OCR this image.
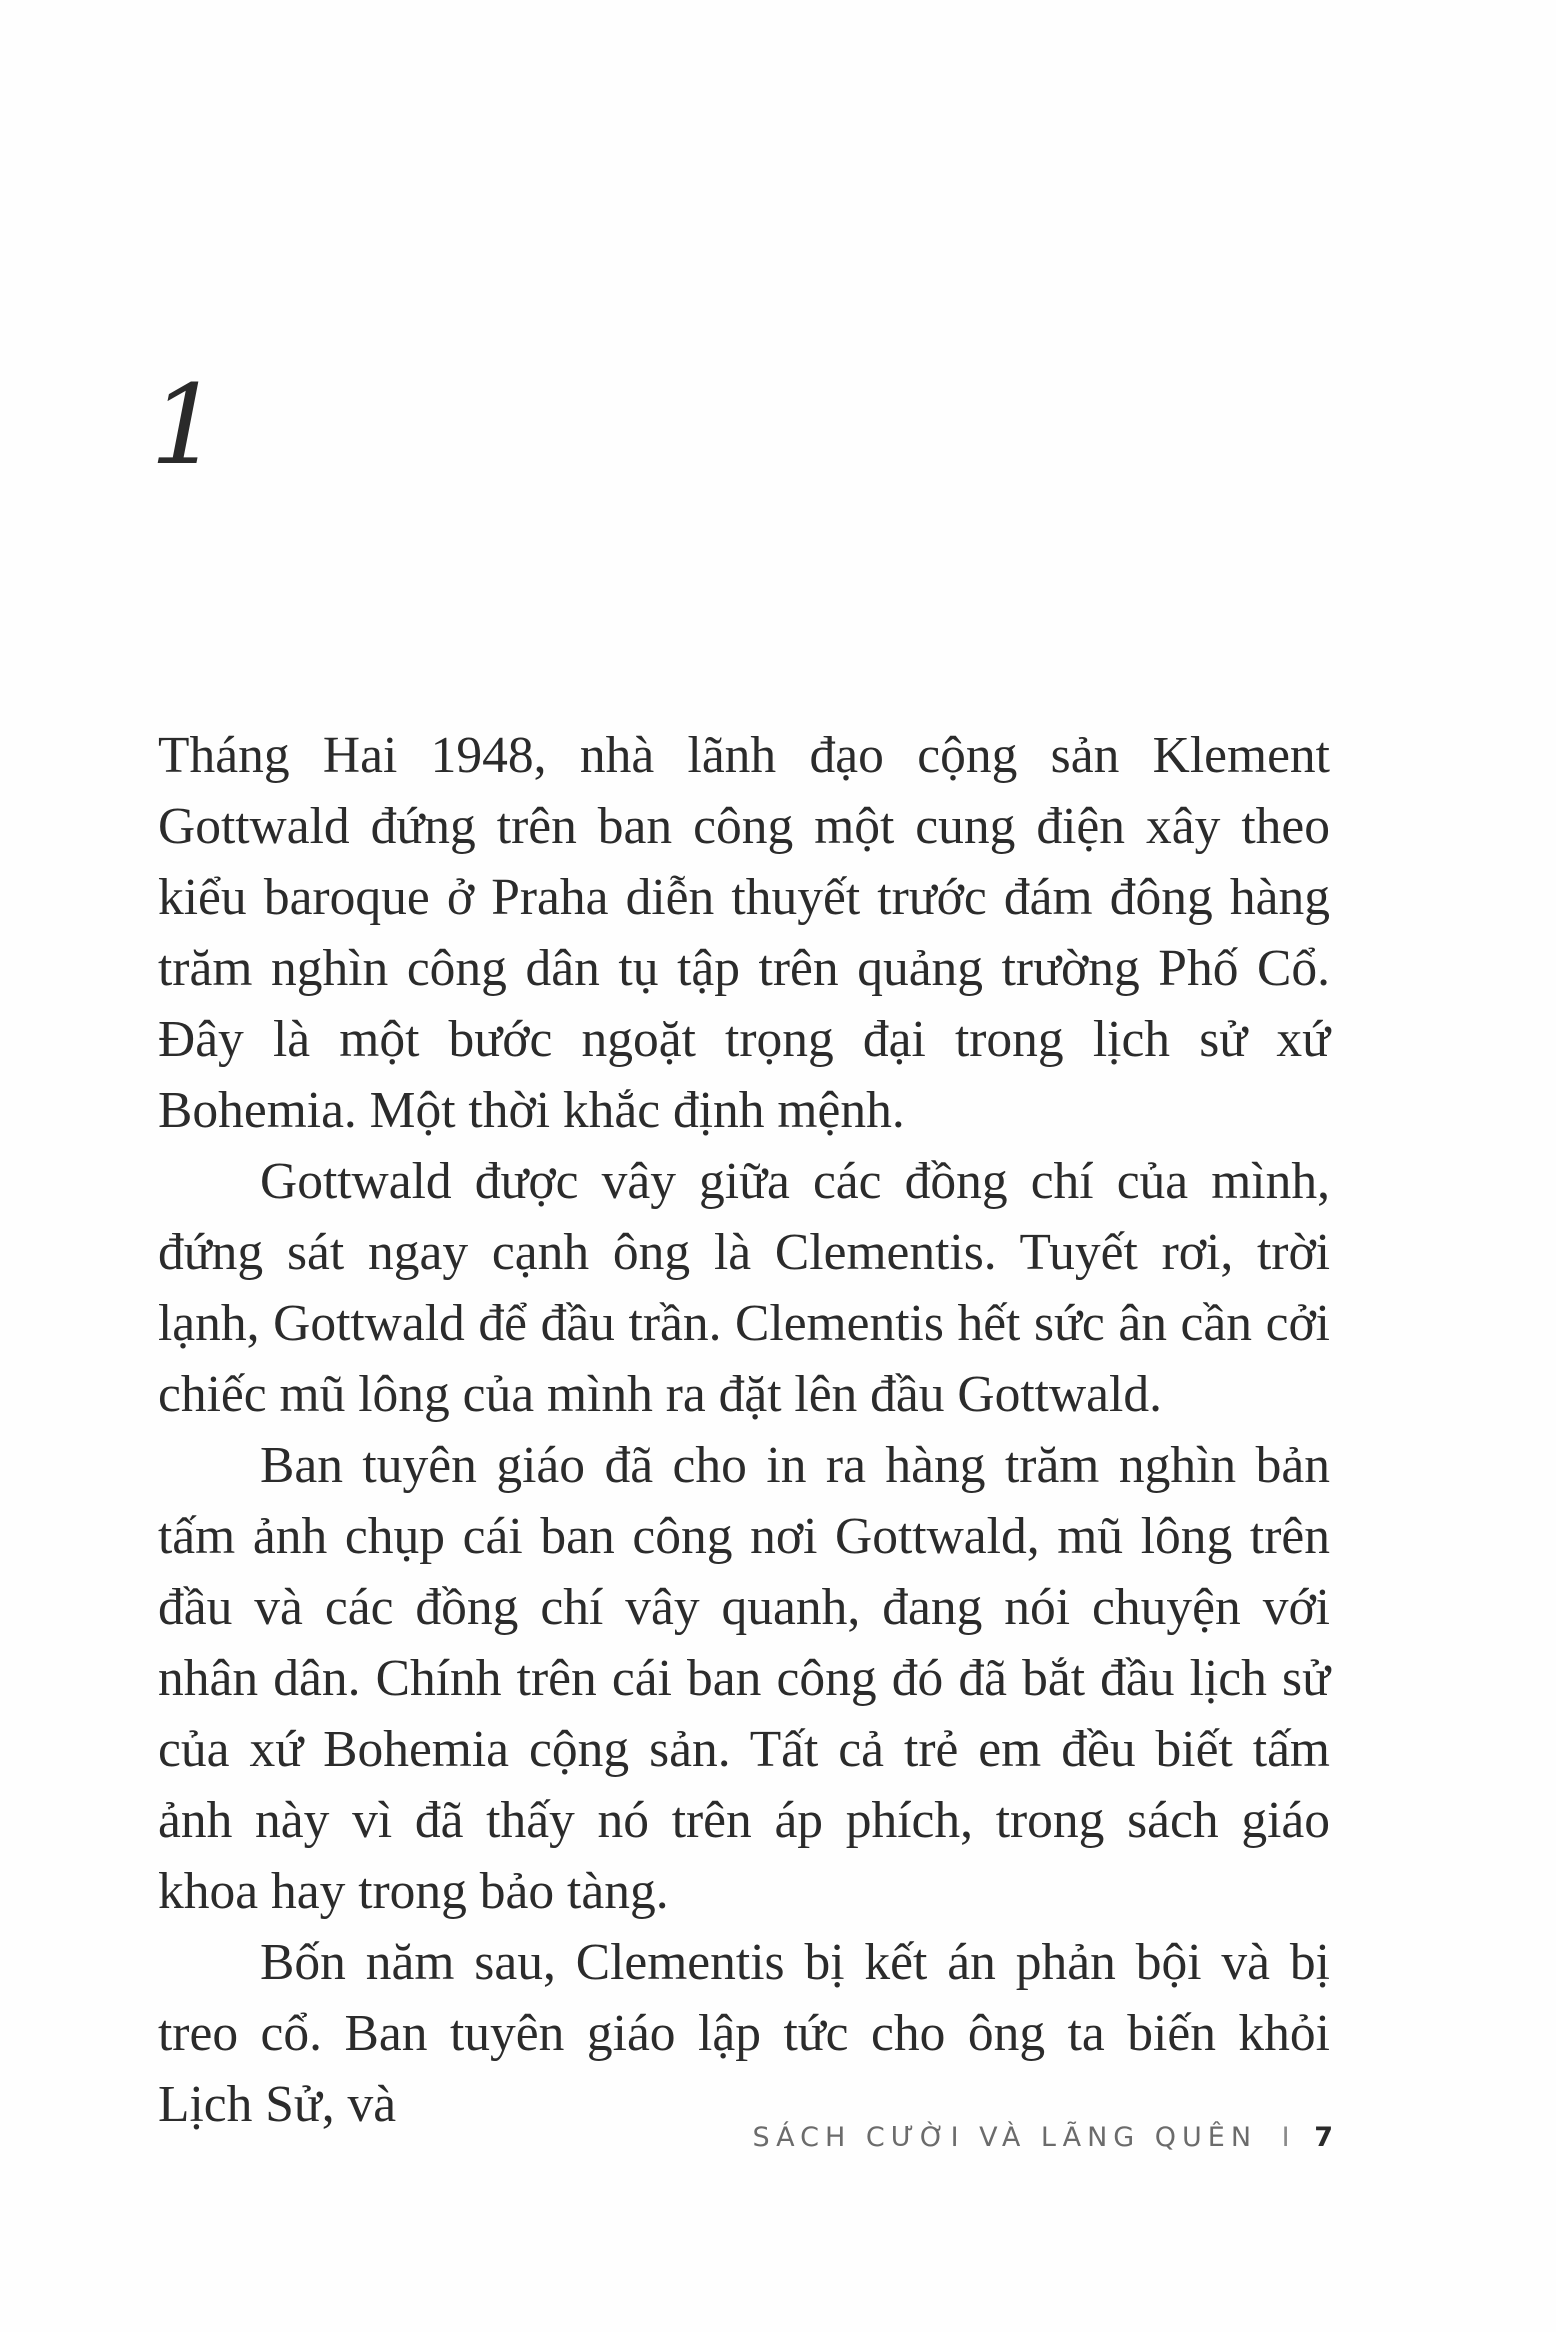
1

Tháng Hai 1948, nhà lãnh đạo cộng sản Klement Gottwald đứng trên ban công một cung điện xây theo kiểu baroque ở Praha diễn thuyết trước đám đông hàng trăm nghìn công dân tụ tập trên quảng trường Phố Cổ. Đây là một bước ngoặt trọng đại trong lịch sử xứ Bohemia. Một thời khắc định mệnh.

Gottwald được vây giữa các đồng chí của mình, đứng sát ngay cạnh ông là Clementis. Tuyết rơi, trời lạnh, Gottwald để đầu trần. Clementis hết sức ân cần cởi chiếc mũ lông của mình ra đặt lên đầu Gottwald.

Ban tuyên giáo đã cho in ra hàng trăm nghìn bản tấm ảnh chụp cái ban công nơi Gottwald, mũ lông trên đầu và các đồng chí vây quanh, đang nói chuyện với nhân dân. Chính trên cái ban công đó đã bắt đầu lịch sử của xứ Bohemia cộng sản. Tất cả trẻ em đều biết tấm ảnh này vì đã thấy nó trên áp phích, trong sách giáo khoa hay trong bảo tàng.

Bốn năm sau, Clementis bị kết án phản bội và bị treo cổ. Ban tuyên giáo lập tức cho ông ta biến khỏi Lịch Sử, và

SÁCH CƯỜI VÀ LÃNG QUÊN I 7
